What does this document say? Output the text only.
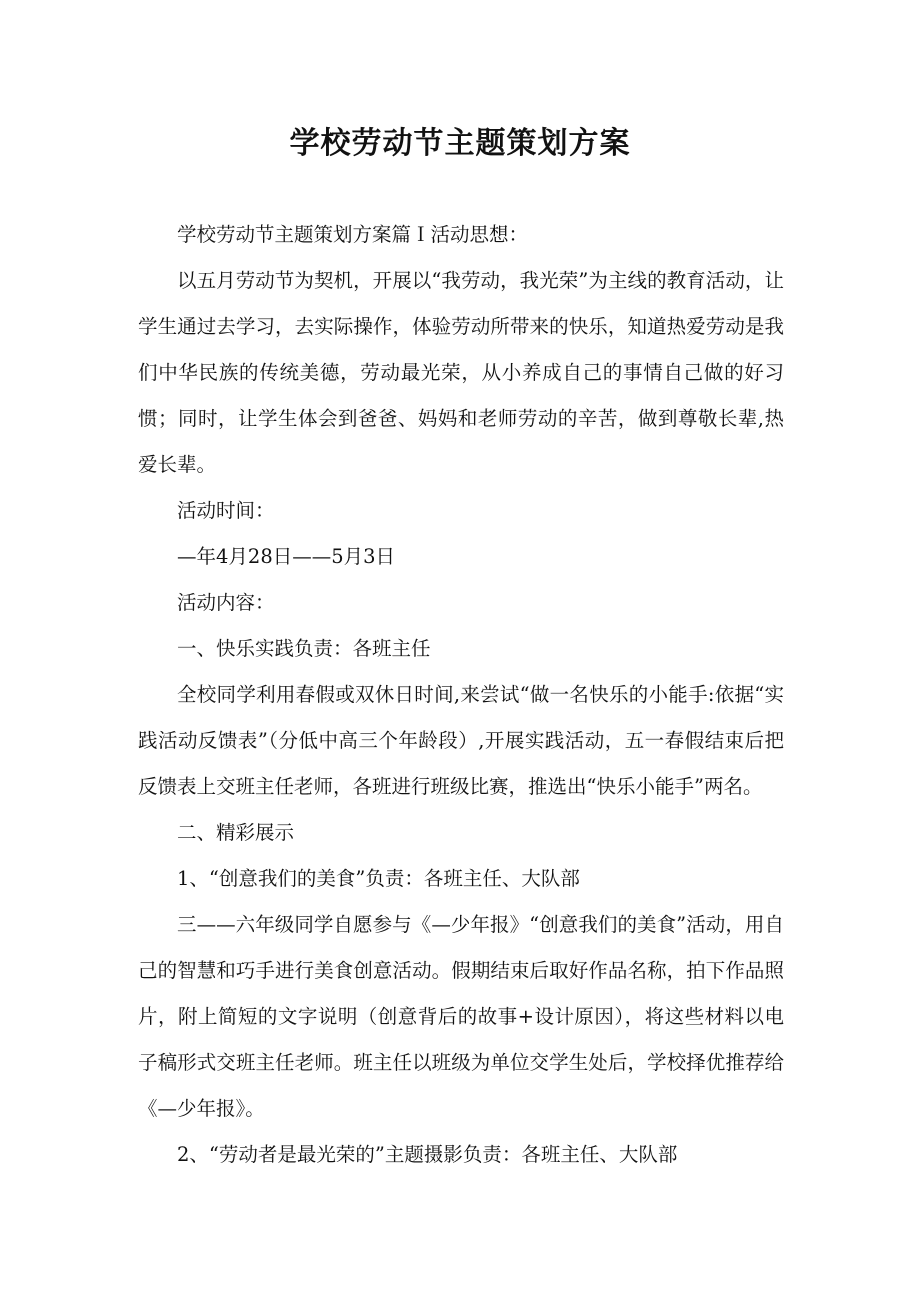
学校劳动节主题策划方案

学校劳动节主题策划方案篇Ｉ活动思想：

以五月劳动节为契机，开展以“我劳动，我光荣”为主线的教育活动，让学生通过去学习，去实际操作，体验劳动所带来的快乐，知道热爱劳动是我们中华民族的传统美德，劳动最光荣，从小养成自己的事情自己做的好习惯；同时，让学生体会到爸爸、妈妈和老师劳动的辛苦，做到尊敬长辈,热爱长辈。

活动时间：

—年4月28日——5月3日

活动内容：

一、快乐实践负责：各班主任

全校同学利用春假或双休日时间,来尝试“做一名快乐的小能手:依据“实践活动反馈表”（分低中高三个年龄段）,开展实践活动，五一春假结束后把反馈表上交班主任老师，各班进行班级比赛，推选出“快乐小能手”两名。

二、精彩展示

1、“创意我们的美食”负责：各班主任、大队部

三——六年级同学自愿参与《—少年报》“创意我们的美食”活动，用自己的智慧和巧手进行美食创意活动。假期结束后取好作品名称，拍下作品照片，附上简短的文字说明（创意背后的故事+设计原因），将这些材料以电子稿形式交班主任老师。班主任以班级为单位交学生处后，学校择优推荐给《—少年报》。

2、“劳动者是最光荣的”主题摄影负责：各班主任、大队部
